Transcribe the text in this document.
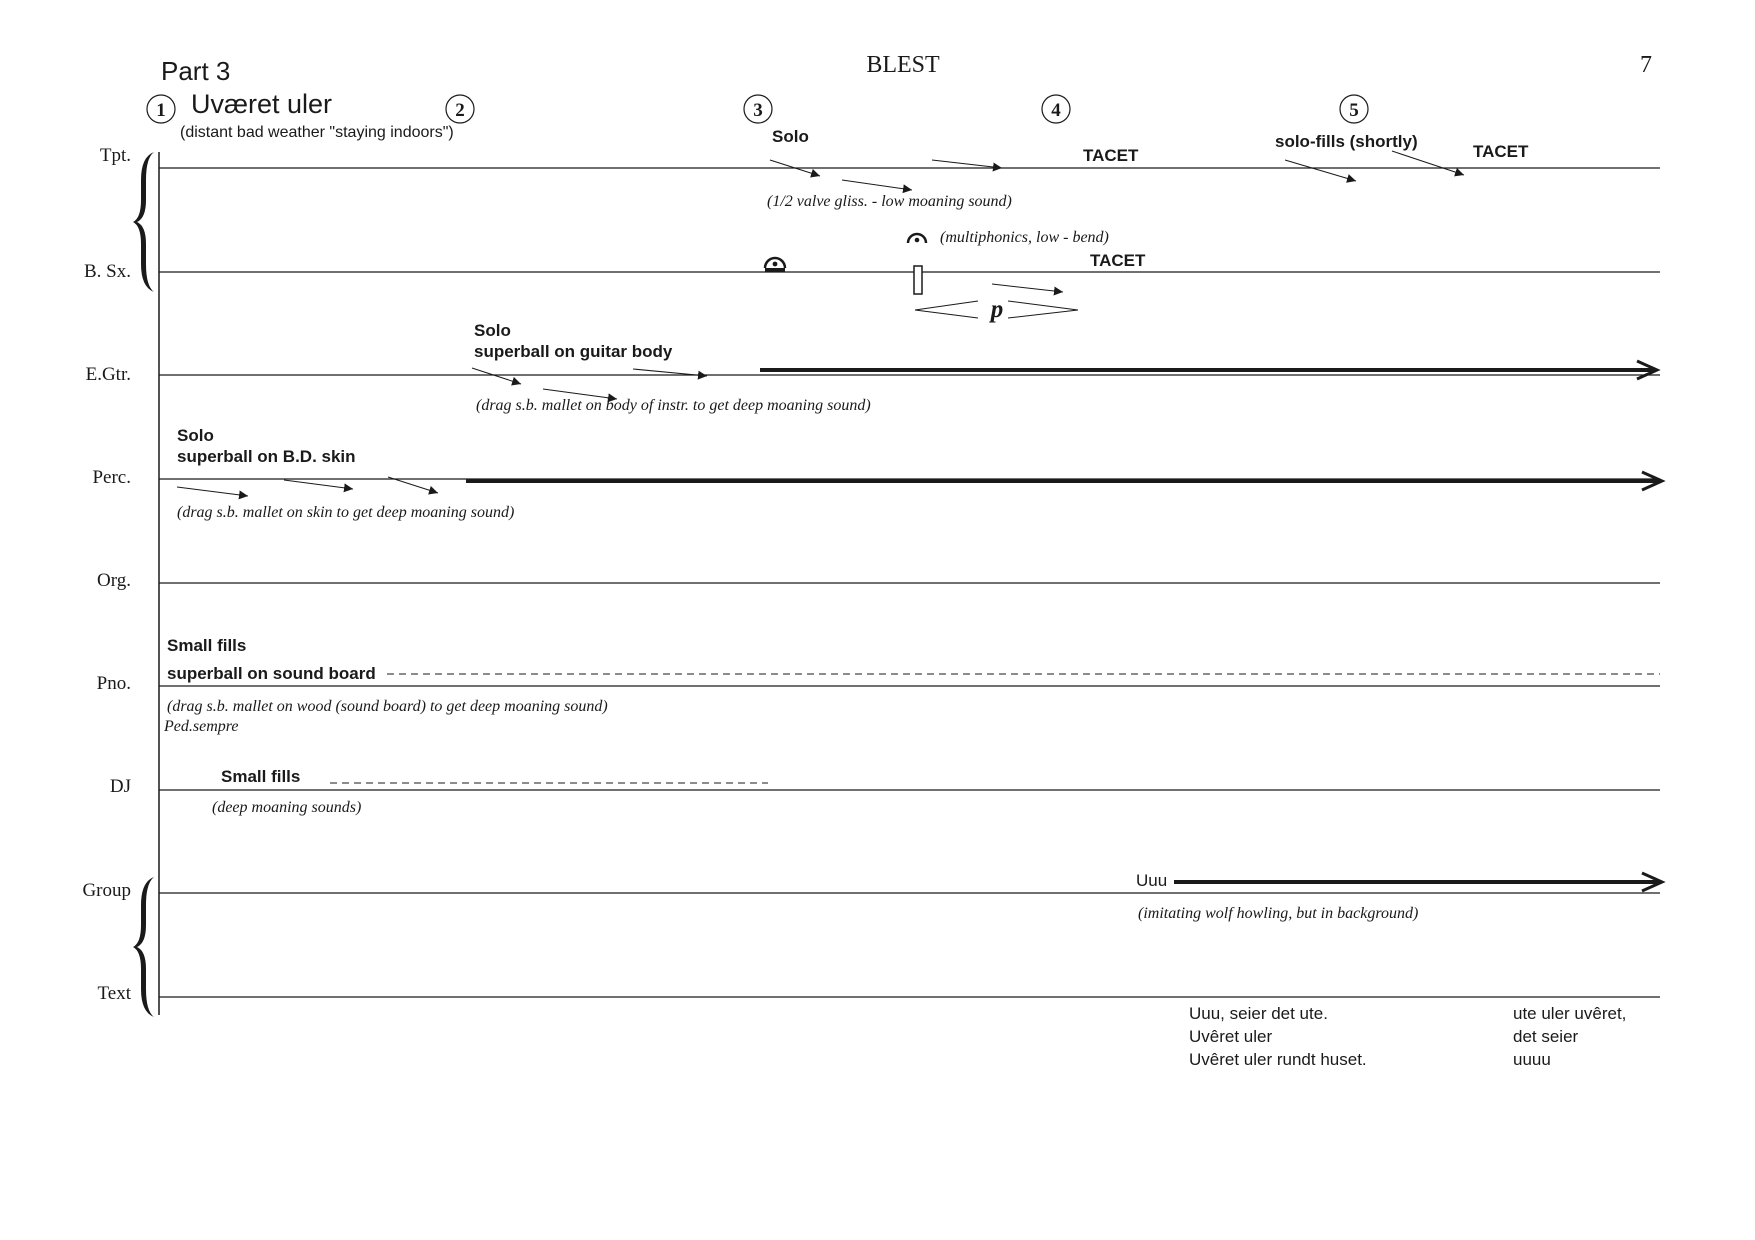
Part 3	BLEST	7
1	2	3	4	5
Uværet uler
(distant bad weather "staying indoors")
Tpt.
B. Sx.
E.Gtr.
Perc.
Org.
Pno.
DJ
Group
Text
Solo
TACET
solo-fills (shortly)
TACET
(1/2 valve gliss. - low moaning sound)
(multiphonics, low - bend)
TACET
p
Solo
superball on guitar body
(drag s.b. mallet on body of instr. to get deep moaning sound)
Solo
superball on B.D. skin
(drag s.b. mallet on skin to get deep moaning sound)
Small fills
superball on sound board
(drag s.b. mallet on wood (sound board) to get deep moaning sound)
Ped.sempre
Small fills
(deep moaning sounds)
Uuu
(imitating wolf howling, but in background)
Uuu, seier det ute.
Uvêret uler
Uvêret uler rundt huset.
ute uler uvêret,
det seier
uuuu
